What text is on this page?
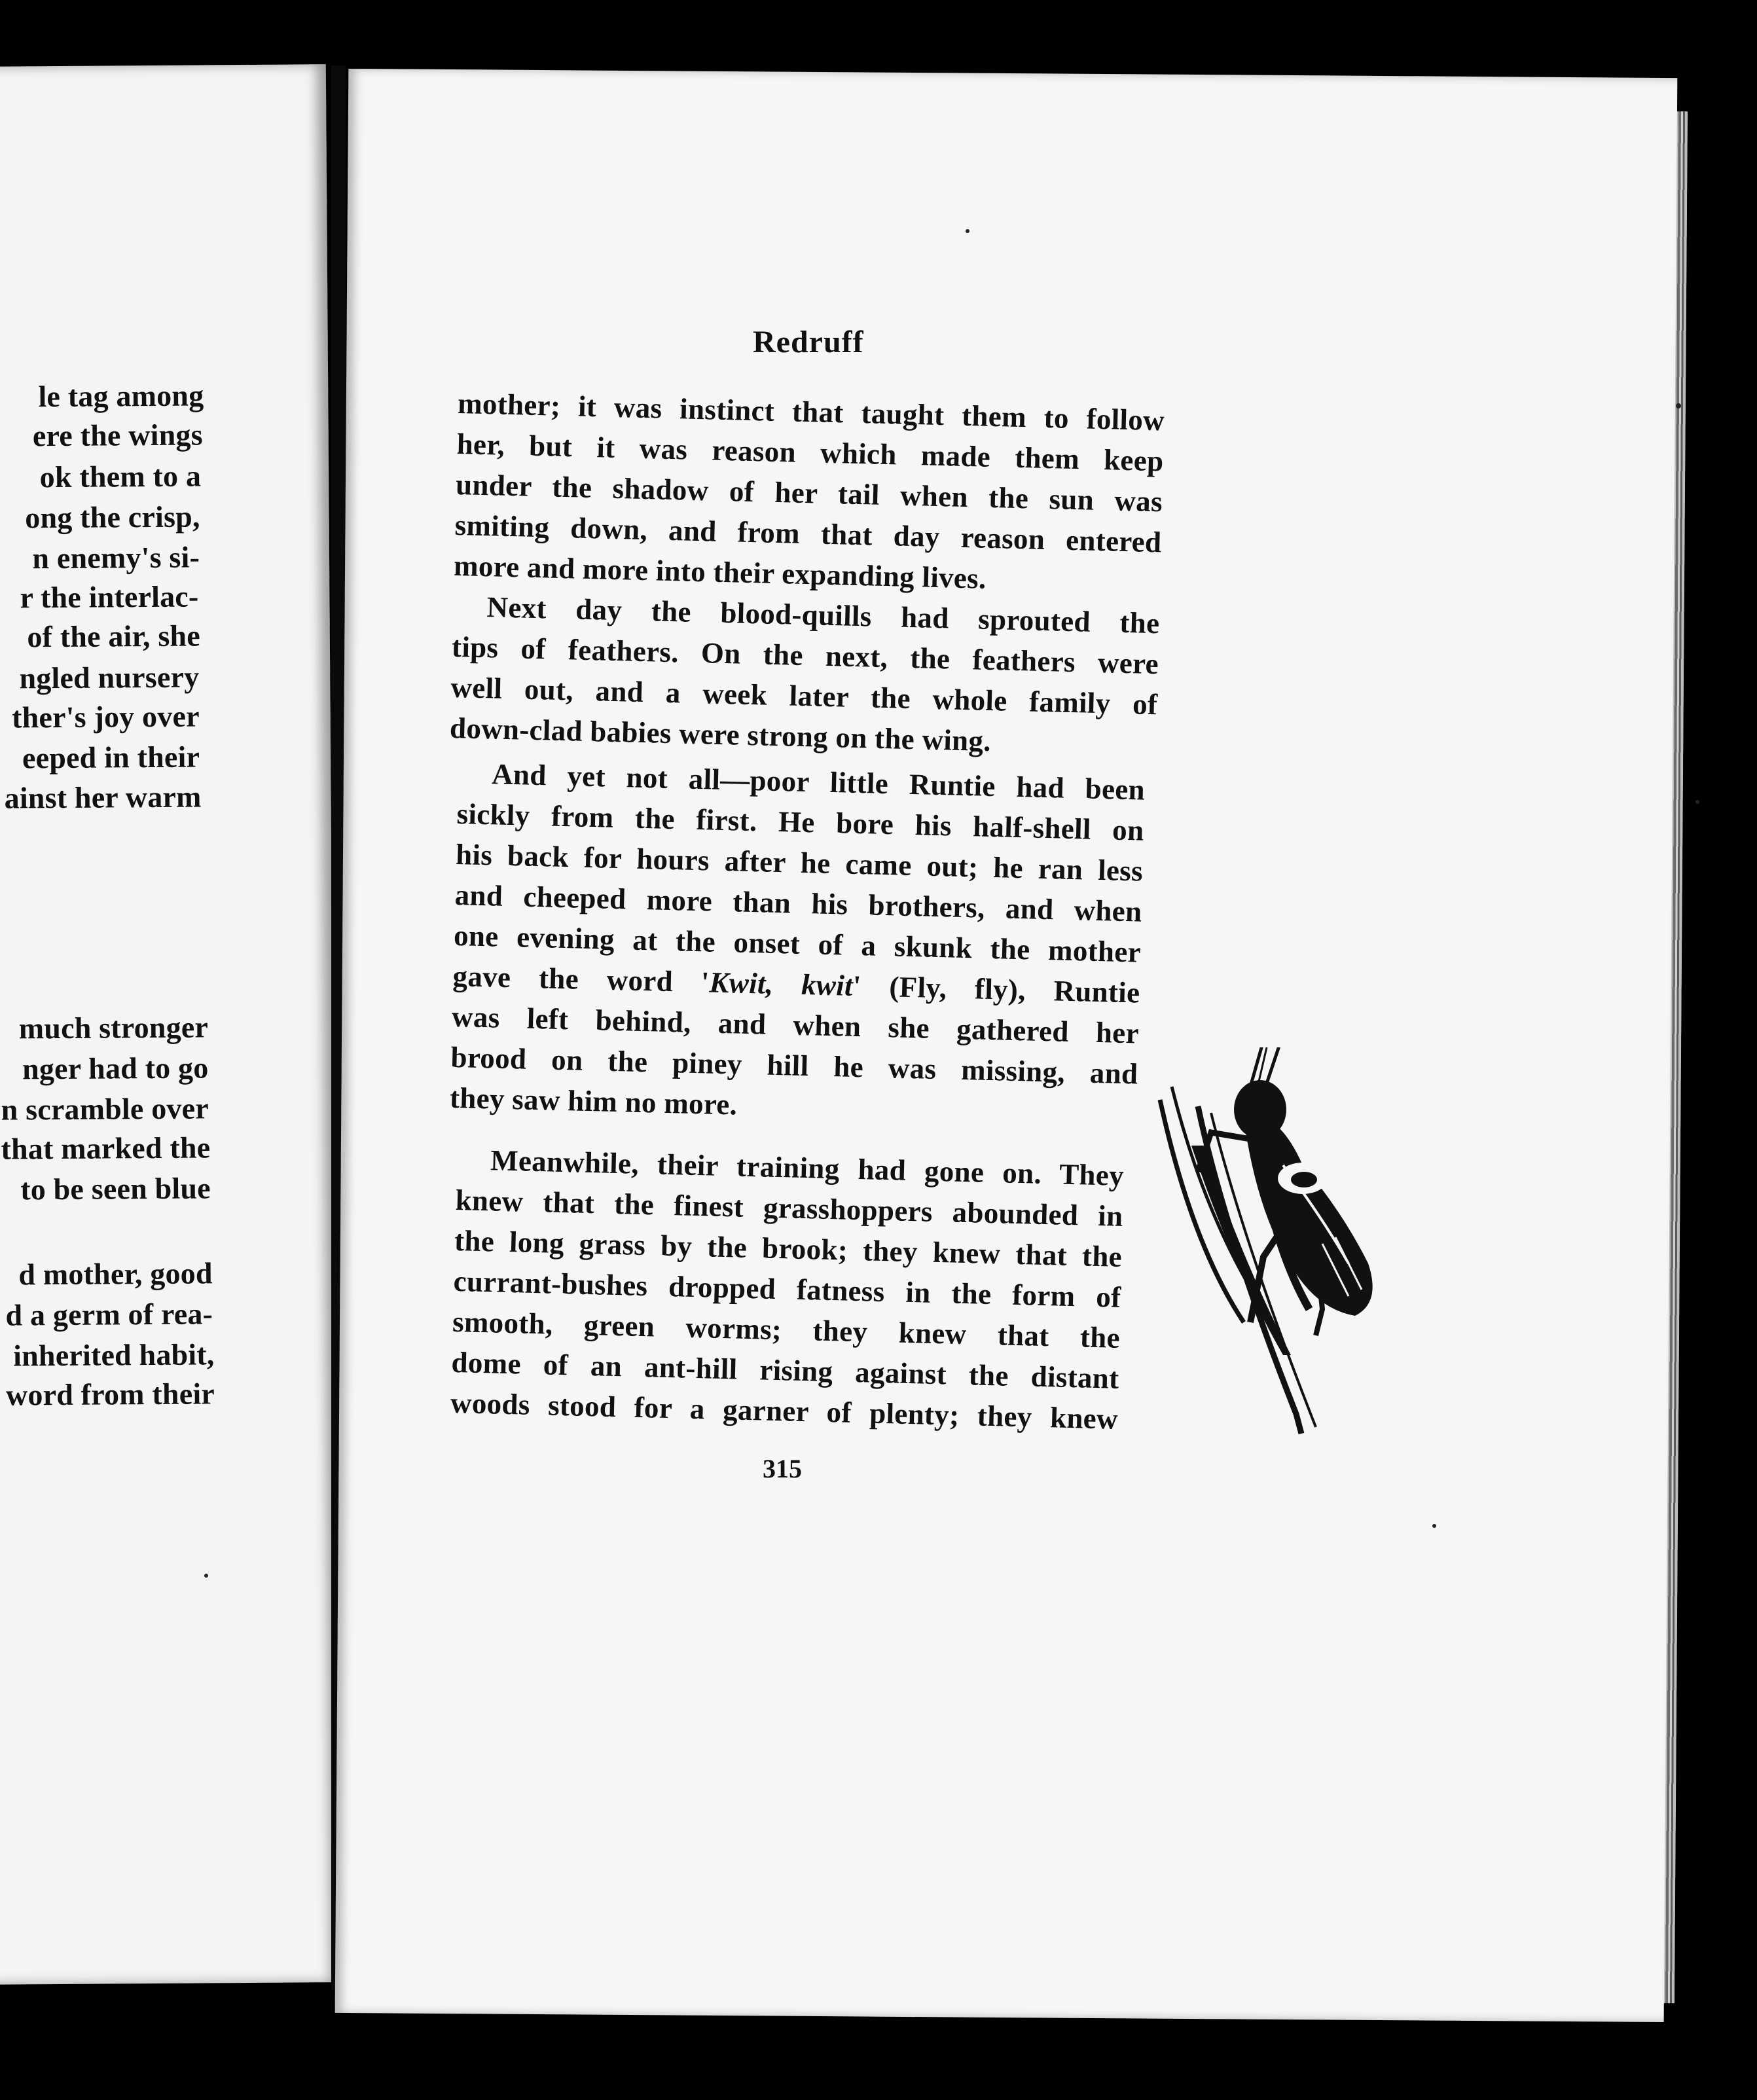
le tag among
ere the wings
ok them to a
ong the crisp,
n enemy's si-
r the interlac-
of the air, she
ngled nursery
ther's joy over
eeped in their
ainst her warm
much stronger
nger had to go
n scramble over
that marked the
to be seen blue
d mother, good
d a germ of rea-
inherited habit,
word from their
Redruff
mother; it was instinct that taught them to follow
her, but it was reason which made them keep
under the shadow of her tail when the sun was
smiting down, and from that day reason entered
more and more into their expanding lives.
Next day the blood-quills had sprouted the
tips of feathers. On the next, the feathers were
well out, and a week later the whole family of
down-clad babies were strong on the wing.
And yet not all—poor little Runtie had been
sickly from the first. He bore his half-shell on
his back for hours after he came out; he ran less
and cheeped more than his brothers, and when
one evening at the onset of a skunk the mother
gave the word 'Kwit, kwit' (Fly, fly), Runtie
was left behind, and when she gathered her
brood on the piney hill he was missing, and
they saw him no more.
Meanwhile, their training had gone on. They
knew that the finest grasshoppers abounded in
the long grass by the brook; they knew that the
currant-bushes dropped fatness in the form of
smooth, green worms; they knew that the
dome of an ant-hill rising against the distant
woods stood for a garner of plenty; they knew
315
